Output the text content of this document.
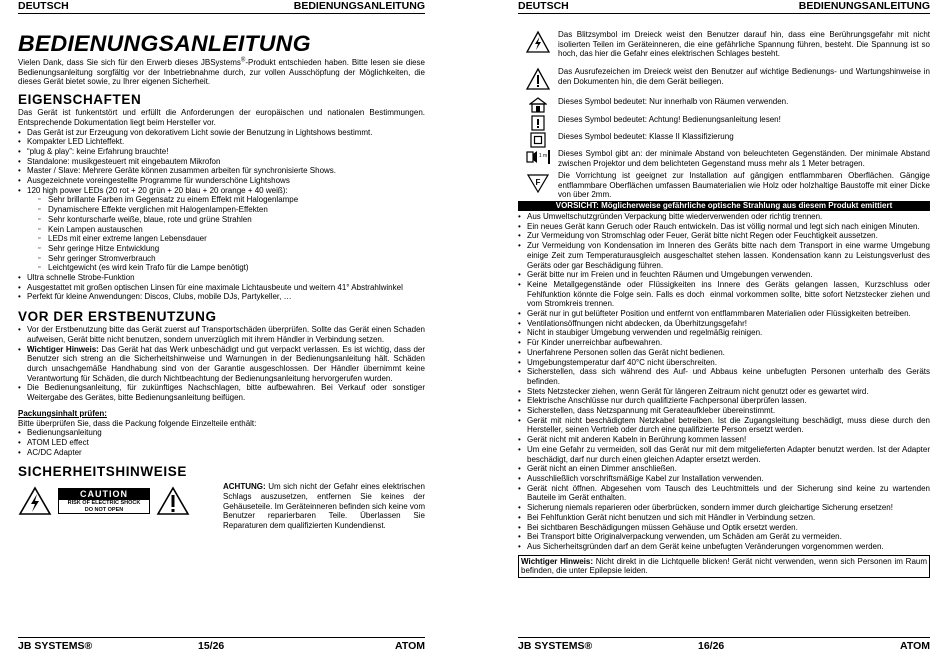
DEUTSCH	BEDIENUNGSANLEITUNG
BEDIENUNGSANLEITUNG

Vielen Dank, dass Sie sich für den Erwerb dieses JBSystems®-Produkt entschieden haben. Bitte lesen sie diese Bedienungsanleitung sorgfältig vor der Inbetriebnahme durch, zur vollen Ausschöpfung der Möglichkeiten, die dieses Gerät bietet sowie, zu Ihrer eigenen Sicherheit.

EIGENSCHAFTEN

Das Gerät ist funkentstört und erfüllt die Anforderungen der europäischen und nationalen Bestimmungen. Entsprechende Dokumentation liegt beim Hersteller vor.

• Das Gerät ist zur Erzeugung von dekorativem Licht sowie der Benutzung in Lightshows bestimmt.
• Kompakter LED Lichteffekt.
• “plug & play”: keine Erfahrung brauchte!
• Standalone: musikgesteuert mit eingebautem Mikrofon
• Master / Slave: Mehrere Geräte können zusammen arbeiten für synchronisierte Shows.
• Ausgezeichnete voreingestellte Programme für wunderschöne Lightshows
• 120 high power LEDs (20 rot + 20 grün + 20 blau + 20 orange + 40 weiß):
▫ Sehr brillante Farben im Gegensatz zu einem Effekt mit Halogenlampe
▫ Dynamischere Effekte verglichen mit Halogenlampen-Effekten
▫ Sehr konturscharfe weiße, blaue, rote und grüne Strahlen
▫ Kein Lampen austauschen
▫ LEDs mit einer extreme langen Lebensdauer
▫ Sehr geringe Hitze Entwicklung
▫ Sehr geringer Stromverbrauch
▫ Leichtgewicht (es wird kein Trafo für die Lampe benötigt)
• Ultra schnelle Strobe-Funktion
• Ausgestattet mit großen optischen Linsen für eine maximale Lichtausbeute und weitern 41° Abstrahlwinkel
• Perfekt für kleine Anwendungen: Discos, Clubs, mobile DJs, Partykeller, …
VOR DER ERSTBENUTZUNG
• Vor der Erstbenutzung bitte das Gerät zuerst auf Transportschäden überprüfen. Sollte das Gerät einen Schaden aufweisen, Gerät bitte nicht benutzen, sondern unverzüglich mit ihrem Händler in Verbindung setzen.
• Wichtiger Hinweis: Das Gerät hat das Werk unbeschädigt und gut verpackt verlassen. Es ist wichtig, dass der Benutzer sich streng an die Sicherheitshinweise und Warnungen in der Bedienungsanleitung hält. Schäden durch unsachgemäße Handhabung sind von der Garantie ausgeschlossen. Der Händler übernimmt keine Verantwortung für Schäden, die durch Nichtbeachtung der Bedienungsanleitung hervorgerufen wurden.
• Die Bedienungsanleitung, für zukünftiges Nachschlagen, bitte aufbewahren. Bei Verkauf oder sonstiger Weitergabe des Gerätes, bitte Bedienungsanleitung beifügen.
Packungsinhalt prüfen:

Bitte überprüfen Sie, dass die Packung folgende Einzelteile enthält:

• Bedienungsanleitung
• ATOM LED effect
• AC/DC Adapter
SICHERHEITSHINWEISE
CAUTION
RISK OF ELECTRIC SHOCK
DO NOT OPEN

ACHTUNG: Um sich nicht der Gefahr eines elektrischen Schlags auszusetzen, entfernen Sie keines der Gehäuseteile. Im Geräteinneren befinden sich keine vom Benutzer reparierbaren Teile. Überlassen Sie Reparaturen dem qualifizierten Kundendienst.

JB SYSTEMS®	15/26	ATOM
DEUTSCH	BEDIENUNGSANLEITUNG

Das Blitzsymbol im Dreieck weist den Benutzer darauf hin, dass eine Berührungsgefahr mit nicht isolierten Teilen im Geräteinneren, die eine gefährliche Spannung führen, besteht. Die Spannung ist so hoch, das hier die Gefahr eines elektrischen Schlages besteht.

Das Ausrufezeichen im Dreieck weist den Benutzer auf wichtige Bedienungs- und Wartungshinweise in den Dokumenten hin, die dem Gerät beiliegen.

Dieses Symbol bedeutet: Nur innerhalb von Räumen verwenden.

Dieses Symbol bedeutet: Achtung! Bedienungsanleitung lesen!

Dieses Symbol bedeutet: Klasse II Klassifizierung

1 m Dieses Symbol gibt an: der minimale Abstand von beleuchteten Gegenständen. Der minimale Abstand zwischen Projektor und dem belichteten Gegenstand muss mehr als 1 Meter betragen.

F

Die Vorrichtung ist geeignet zur Installation auf gängigen entflammbaren Oberflächen. Gängige entflammbare Oberflächen umfassen Baumaterialien wie Holz oder holzhaltige Baustoffe mit einer Dicke von über 2mm.

VORSICHT: Möglicherweise gefährliche optische Strahlung aus diesem Produkt emittiert
• Aus Umweltschutzgründen Verpackung bitte wiederverwenden oder richtig trennen.
• Ein neues Gerät kann Geruch oder Rauch entwickeln. Das ist völlig normal und legt sich nach einigen Minuten.
• Zur Vermeidung von Stromschlag oder Feuer, Gerät bitte nicht Regen oder Feuchtigkeit aussetzen.
• Zur Vermeidung von Kondensation im Inneren des Geräts bitte nach dem Transport in eine warme Umgebung einige Zeit zum Temperaturausgleich ausgeschaltet stehen lassen. Kondensation kann zu Leistungsverlust des Geräts oder gar Beschädigung führen.
• Gerät bitte nur im Freien und in feuchten Räumen und Umgebungen verwenden.
• Keine Metallgegenstände oder Flüssigkeiten ins Innere des Geräts gelangen lassen, Kurzschluss oder Fehlfunktion könnte die Folge sein. Falls es doch  einmal vorkommen sollte, bitte sofort Netzstecker ziehen und vom Stromkreis trennen.
• Gerät nur in gut belüfteter Position und entfernt von entflammbaren Materialien oder Flüssigkeiten betreiben.
• Ventilationsöffnungen nicht abdecken, da Überhitzungsgefahr!
• Nicht in staubiger Umgebung verwenden und regelmäßig reinigen.
• Für Kinder unerreichbar aufbewahren.
• Unerfahrene Personen sollen das Gerät nicht bedienen.
• Umgebungstemperatur darf 40°C nicht überschreiten.
• Sicherstellen, dass sich während des Auf- und Abbaus keine unbefugten Personen unterhalb des Geräts befinden.
• Stets Netzstecker ziehen, wenn Gerät für längeren Zeitraum nicht genutzt oder es gewartet wird.
• Elektrische Anschlüsse nur durch qualifizierte Fachpersonal überprüfen lassen.
• Sicherstellen, dass Netzspannung mit Gerateaufkleber übereinstimmt.
• Gerät mit nicht beschädigtem Netzkabel betreiben. Ist die Zugangsleitung beschädigt, muss diese durch den Hersteller, seinen Vertrieb oder durch eine qualifizierte Person ersetzt werden.
• Gerät nicht mit anderen Kabeln in Berührung kommen lassen!
• Um eine Gefahr zu vermeiden, soll das Gerät nur mit dem mitgelieferten Adapter benutzt werden. Ist der Adapter beschädigt, darf nur durch einen gleichen Adapter ersetzt werden.
• Gerät nicht an einen Dimmer anschließen.
• Ausschließlich vorschriftsmäßige Kabel zur Installation verwenden.
• Gerät nicht öffnen. Abgesehen vom Tausch des Leuchtmittels und der Sicherung sind keine zu wartenden Bauteile im Gerät enthalten.
• Sicherung niemals reparieren oder überbrücken, sondern immer durch gleichartige Sicherung ersetzen!
• Bei Fehlfunktion Gerät nicht benutzen und sich mit Händler in Verbindung setzen.
• Bei sichtbaren Beschädigungen müssen Gehäuse und Optik ersetzt werden.
• Bei Transport bitte Originalverpackung verwenden, um Schäden am Gerät zu vermeiden.
• Aus Sicherheitsgründen darf an dem Gerät keine unbefugten Veränderungen vorgenommen werden.
Wichtiger Hinweis: Nicht direkt in die Lichtquelle blicken! Gerät nicht verwenden, wenn sich Personen im Raum befinden, die unter Epilepsie leiden.
JB SYSTEMS®	16/26	ATOM
